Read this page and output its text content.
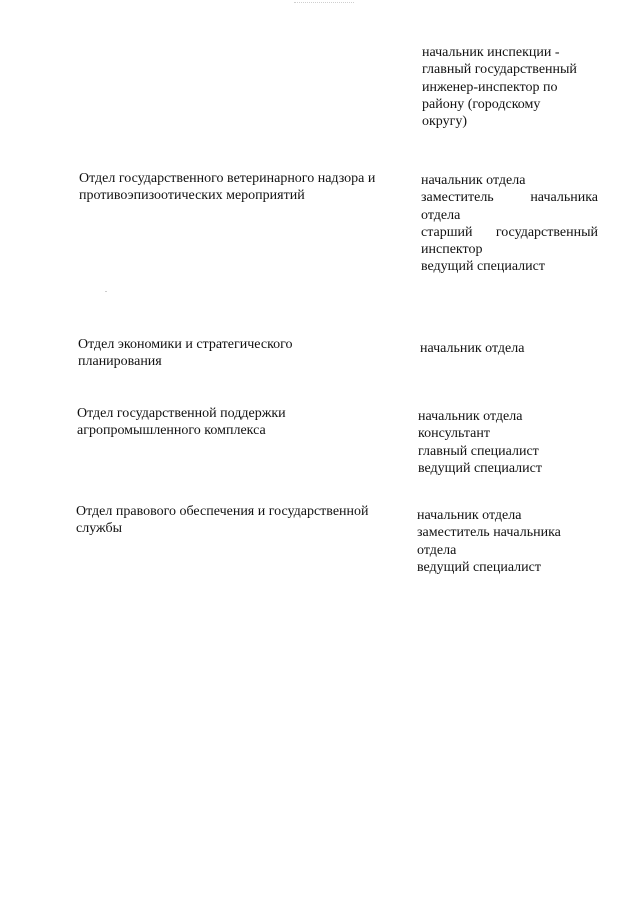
начальник инспекции -
главный государственный
инженер-инспектор по
району (городскому
округу)

Отдел государственного ветеринарного надзора и
противоэпизоотических мероприятий

начальник отдела
заместитель	начальника
отдела
старший государственный
инспектор
ведущий специалист

Отдел экономики и стратегического
планирования

начальник отдела

Отдел государственной поддержки
агропромышленного комплекса

начальник отдела
консультант
главный специалист
ведущий специалист

Отдел правового обеспечения и государственной
службы

начальник отдела
заместитель начальника
отдела
ведущий специалист
